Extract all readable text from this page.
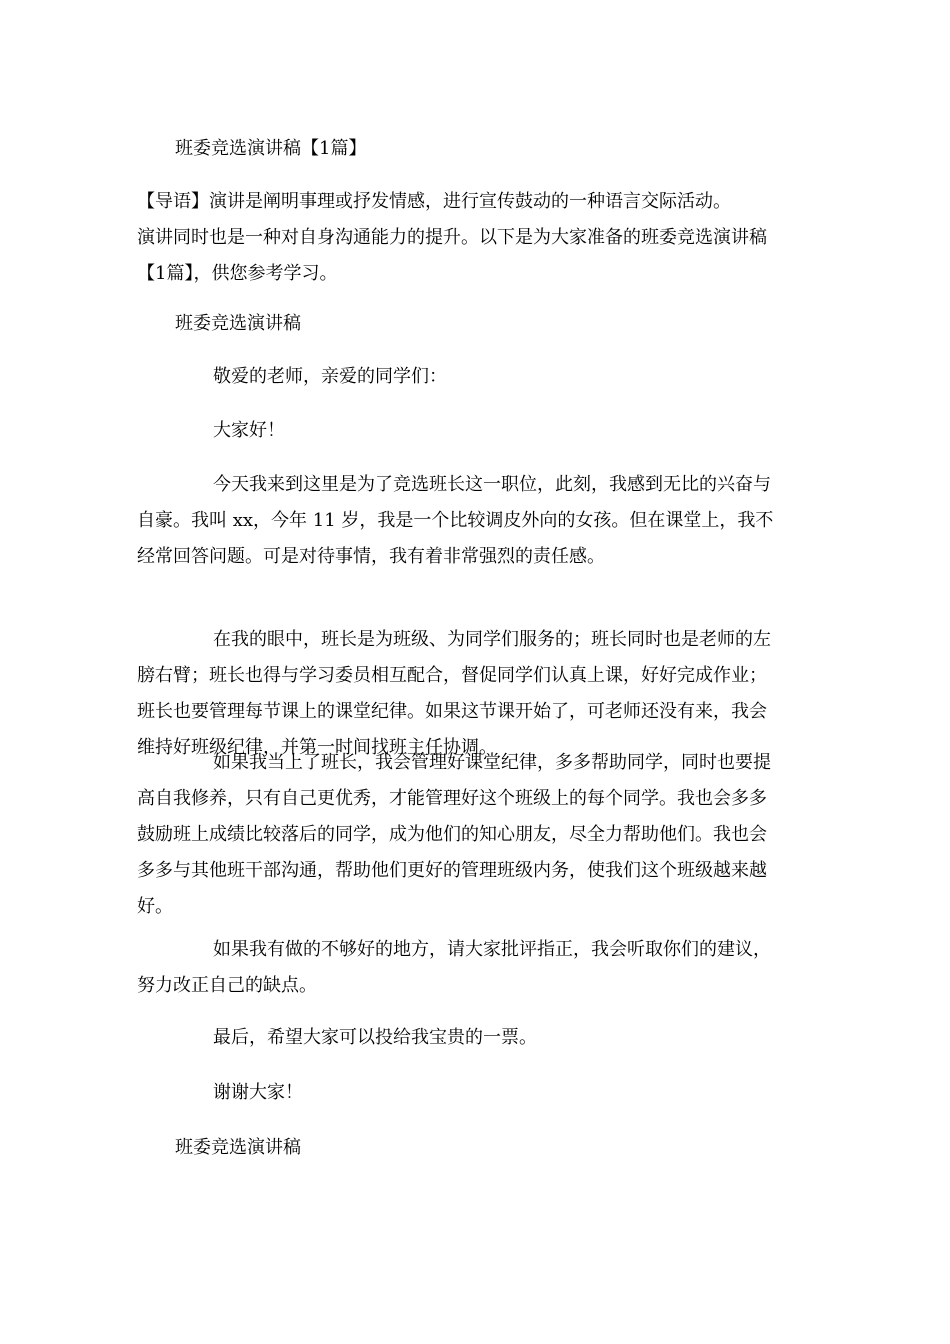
班委竞选演讲稿【1篇】
【导语】演讲是阐明事理或抒发情感，进行宣传鼓动的一种语言交际活动。
演讲同时也是一种对自身沟通能力的提升。以下是为大家准备的班委竞选演讲稿
【1篇】，供您参考学习。
班委竞选演讲稿
敬爱的老师，亲爱的同学们：
大家好！
今天我来到这里是为了竞选班长这一职位，此刻，我感到无比的兴奋与
自豪。我叫 xx，今年 11 岁，我是一个比较调皮外向的女孩。但在课堂上，我不
经常回答问题。可是对待事情，我有着非常强烈的责任感。
在我的眼中，班长是为班级、为同学们服务的；班长同时也是老师的左
膀右臂；班长也得与学习委员相互配合，督促同学们认真上课，好好完成作业；
班长也要管理每节课上的课堂纪律。如果这节课开始了，可老师还没有来，我会
维持好班级纪律，并第一时间找班主任协调。
如果我当上了班长，我会管理好课堂纪律，多多帮助同学，同时也要提
高自我修养，只有自己更优秀，才能管理好这个班级上的每个同学。我也会多多
鼓励班上成绩比较落后的同学，成为他们的知心朋友，尽全力帮助他们。我也会
多多与其他班干部沟通，帮助他们更好的管理班级内务，使我们这个班级越来越
好。
如果我有做的不够好的地方，请大家批评指正，我会听取你们的建议，
努力改正自己的缺点。
最后，希望大家可以投给我宝贵的一票。
谢谢大家！
班委竞选演讲稿
